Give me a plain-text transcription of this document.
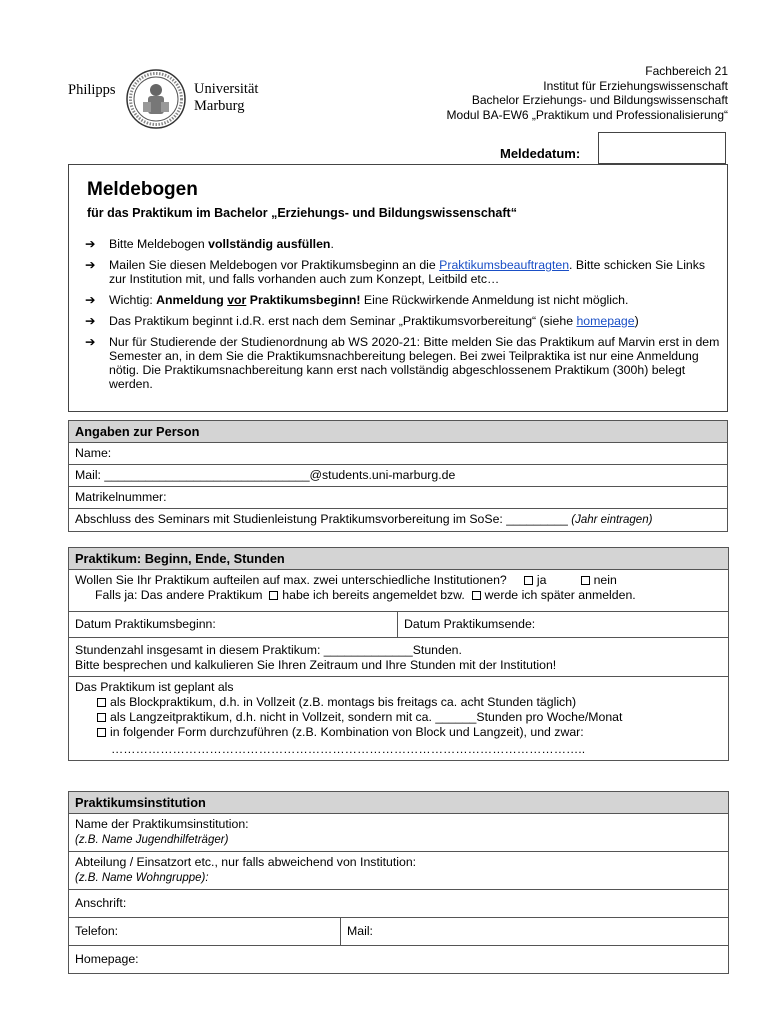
Philipps	Universität
Marburg
Fachbereich 21
Institut für Erziehungswissenschaft
Bachelor Erziehungs- und Bildungswissenschaft
Modul BA-EW6 „Praktikum und Professionalisierung“
Meldedatum:
Meldebogen
für das Praktikum im Bachelor „Erziehungs- und Bildungswissenschaft“
➔ Bitte Meldebogen vollständig ausfüllen.
➔ Mailen Sie diesen Meldebogen vor Praktikumsbeginn an die Praktikumsbeauftragten. Bitte schicken Sie Links zur Institution mit, und falls vorhanden auch zum Konzept, Leitbild etc…
➔ Wichtig: Anmeldung vor Praktikumsbeginn! Eine Rückwirkende Anmeldung ist nicht möglich.
➔ Das Praktikum beginnt i.d.R. erst nach dem Seminar „Praktikumsvorbereitung“ (siehe homepage)
➔ Nur für Studierende der Studienordnung ab WS 2020-21: Bitte melden Sie das Praktikum auf Marvin erst in dem Semester an, in dem Sie die Praktikumsnachbereitung belegen. Bei zwei Teilpraktika ist nur eine Anmeldung nötig. Die Praktikumsnachbereitung kann erst nach vollständig abgeschlossenem Praktikum (300h) belegt werden.
Angaben zur Person
Name:
Mail: ______________________________@students.uni-marburg.de
Matrikelnummer:
Abschluss des Seminars mit Studienleistung Praktikumsvorbereitung im SoSe: _________ (Jahr eintragen)
Praktikum: Beginn, Ende, Stunden
Wollen Sie Ihr Praktikum aufteilen auf max. zwei unterschiedliche Institutionen? ja	nein
Falls ja: Das andere Praktikum habe ich bereits angemeldet bzw. werde ich später anmelden.

Datum Praktikumsbeginn:	Datum Praktikumsende:

Stundenzahl insgesamt in diesem Praktikum: _____________Stunden.
Bitte besprechen und kalkulieren Sie Ihren Zeitraum und Ihre Stunden mit der Institution!

Das Praktikum ist geplant als
als Blockpraktikum, d.h. in Vollzeit (z.B. montags bis freitags ca. acht Stunden täglich)
als Langzeitpraktikum, d.h. nicht in Vollzeit, sondern mit ca. ______Stunden pro Woche/Monat
in folgender Form durchzuführen (z.B. Kombination von Block und Langzeit), und zwar:
……………………………………………………………………………………………………..
Praktikumsinstitution

Name der Praktikumsinstitution:
(z.B. Name Jugendhilfeträger)

Abteilung / Einsatzort etc., nur falls abweichend von Institution:
(z.B. Name Wohngruppe):
Anschrift:
Telefon:	Mail:
Homepage:
